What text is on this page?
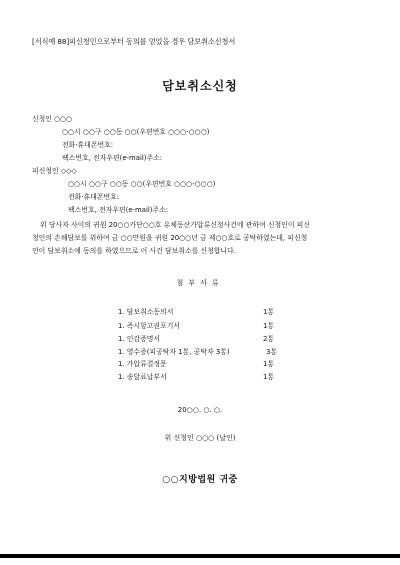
[서식예 88]피신청인으로부터 동의를 얻었을 경우 담보취소신청서
담보취소신청
신청인 ○○○
○○시 ○○구 ○○동 ○○(우편번호 ○○○-○○○)
전화·휴대폰번호:
팩스번호, 전자우편(e-mail)주소:
피신청인 ◇◇◇
○○시 ○○구 ○○동 ○○(우편번호 ○○○-○○○)
전화·휴대폰번호:
팩스번호, 전자우편(e-mail)주소:
위 당사자 사이의 귀원 20○○카단○○호 유체동산가압류신청사건에 관하여 신청인이 피신
청인의 손해담보를 위하여 금 ○○만원을 귀원 20○○년 금 제○○호로 공탁하였는데, 피신청
인이 담보취소에 동의를 하였으므로 이 사건 담보취소를 신청합니다.
첨부서류
1. 담보취소동의서	1통
1. 즉시항고권포기서	1통
1. 인감증명서	2통
1. 영수증(피공탁자 1통, 공탁자 3통)	3통
1. 가압류결정문	1통
1. 송달료납부서	1통
20○○. ○. ○.
위 신청인 ○○○ (날인)
○○지방법원 귀중
